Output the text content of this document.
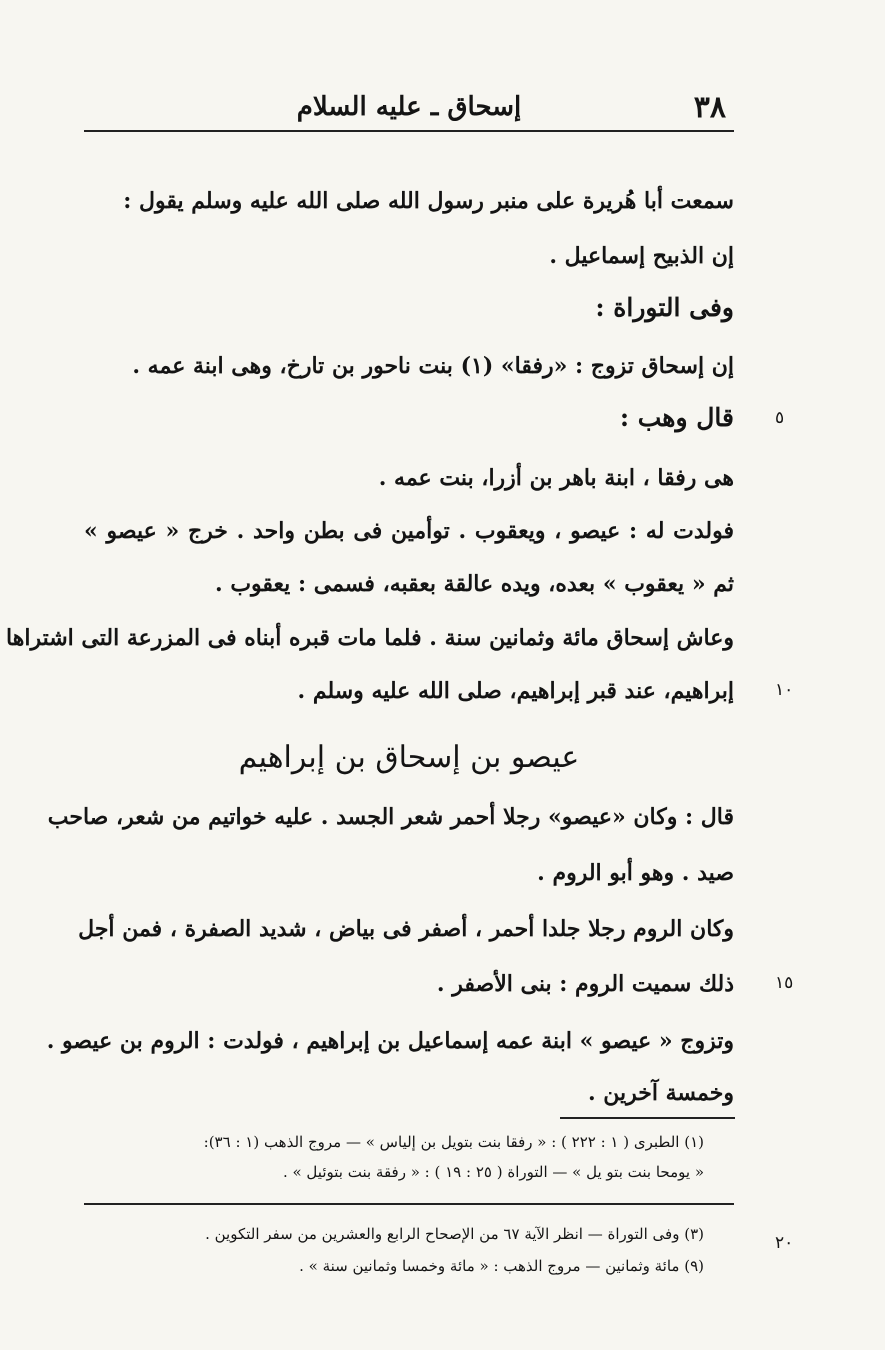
٣٨
إسحاق ـ عليه السلام
سمعت أبا هُريرة على منبر رسول الله صلى الله عليه وسلم يقول :
إن الذبيح إسماعيل .
وفى التوراة :
إن إسحاق تزوج : «رفقا» (١) بنت ناحور بن تارخ، وهى ابنة عمه .
قال وهب :
هى رفقا ، ابنة باهر بن أزرا، بنت عمه .
فولدت له : عيصو ، ويعقوب . توأمين فى بطن واحد . خرج « عيصو »
ثم « يعقوب » بعده، ويده عالقة بعقبه، فسمى : يعقوب .
وعاش إسحاق مائة وثمانين سنة . فلما مات قبره أبناه فى المزرعة التى اشتراها
إبراهيم، عند قبر إبراهيم، صلى الله عليه وسلم .
عيصو بن إسحاق بن إبراهيم
قال : وكان «عيصو» رجلا أحمر شعر الجسد . عليه خواتيم من شعر، صاحب
صيد . وهو أبو الروم .
وكان الروم رجلا جلدا أحمر ، أصفر فى بياض ، شديد الصفرة ، فمن أجل
ذلك سميت الروم : بنى الأصفر .
وتزوج « عيصو » ابنة عمه إسماعيل بن إبراهيم ، فولدت : الروم بن عيصو .
وخمسة آخرين .
٥
١٠
١٥
٢٠
(١) الطبرى ( ١ : ٢٢٢ ) : « رفقا بنت بتويل بن إلياس » — مروج الذهب (١ : ٣٦):
« يومحا بنت بتو يل » — التوراة ( ٢٥ : ١٩ ) : « رفقة بنت بتوئيل » .
(٣) وفى التوراة — انظر الآية ٦٧ من الإصحاح الرابع والعشرين من سفر التكوين .
(٩) مائة وثمانين — مروج الذهب : « مائة وخمسا وثمانين سنة » .
